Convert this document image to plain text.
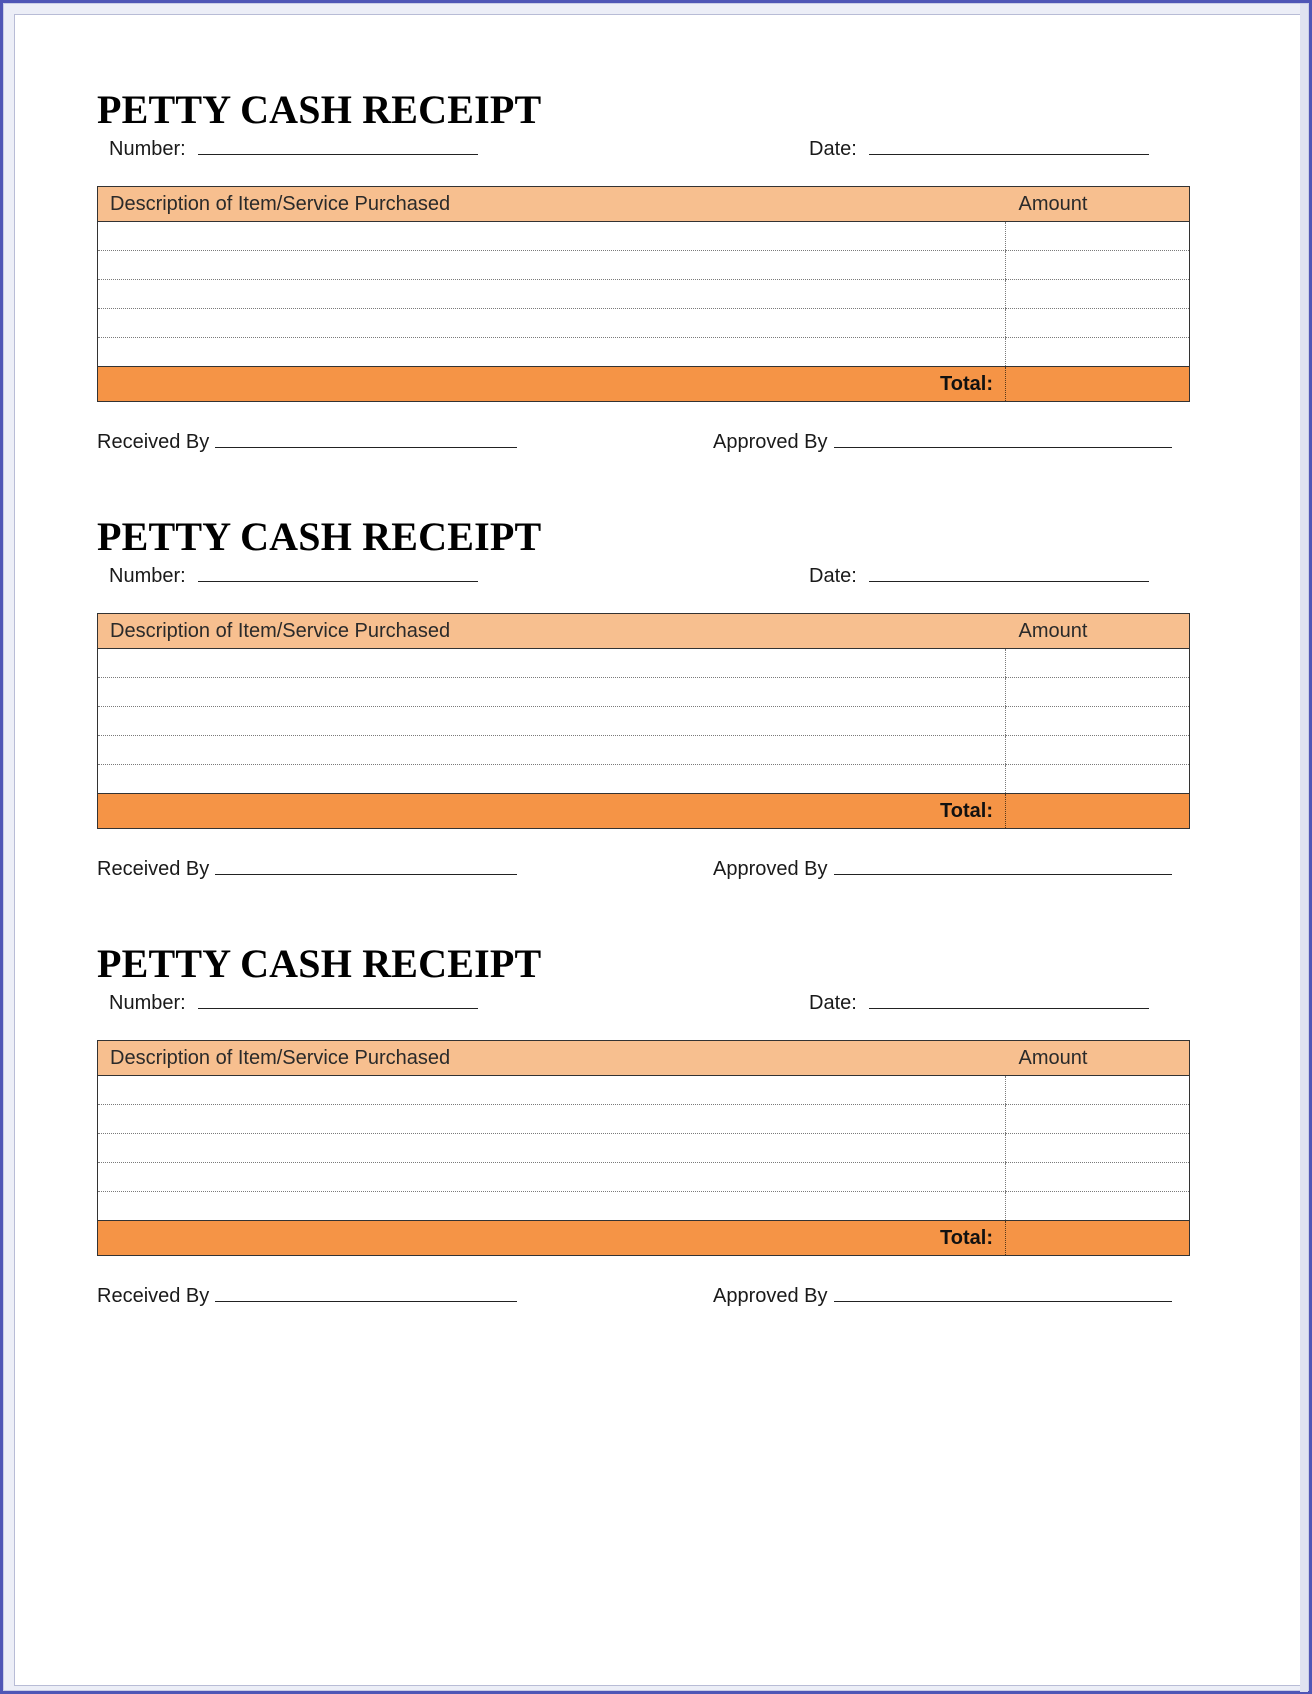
PETTY CASH RECEIPT
Number:	Date:
Description of Item/Service Purchased	Amount

Total:	
Received By	Approved By
PETTY CASH RECEIPT
Number:	Date:
Description of Item/Service Purchased	Amount

Total:	
Received By	Approved By
PETTY CASH RECEIPT
Number:	Date:
Description of Item/Service Purchased	Amount

Total:	
Received By	Approved By
